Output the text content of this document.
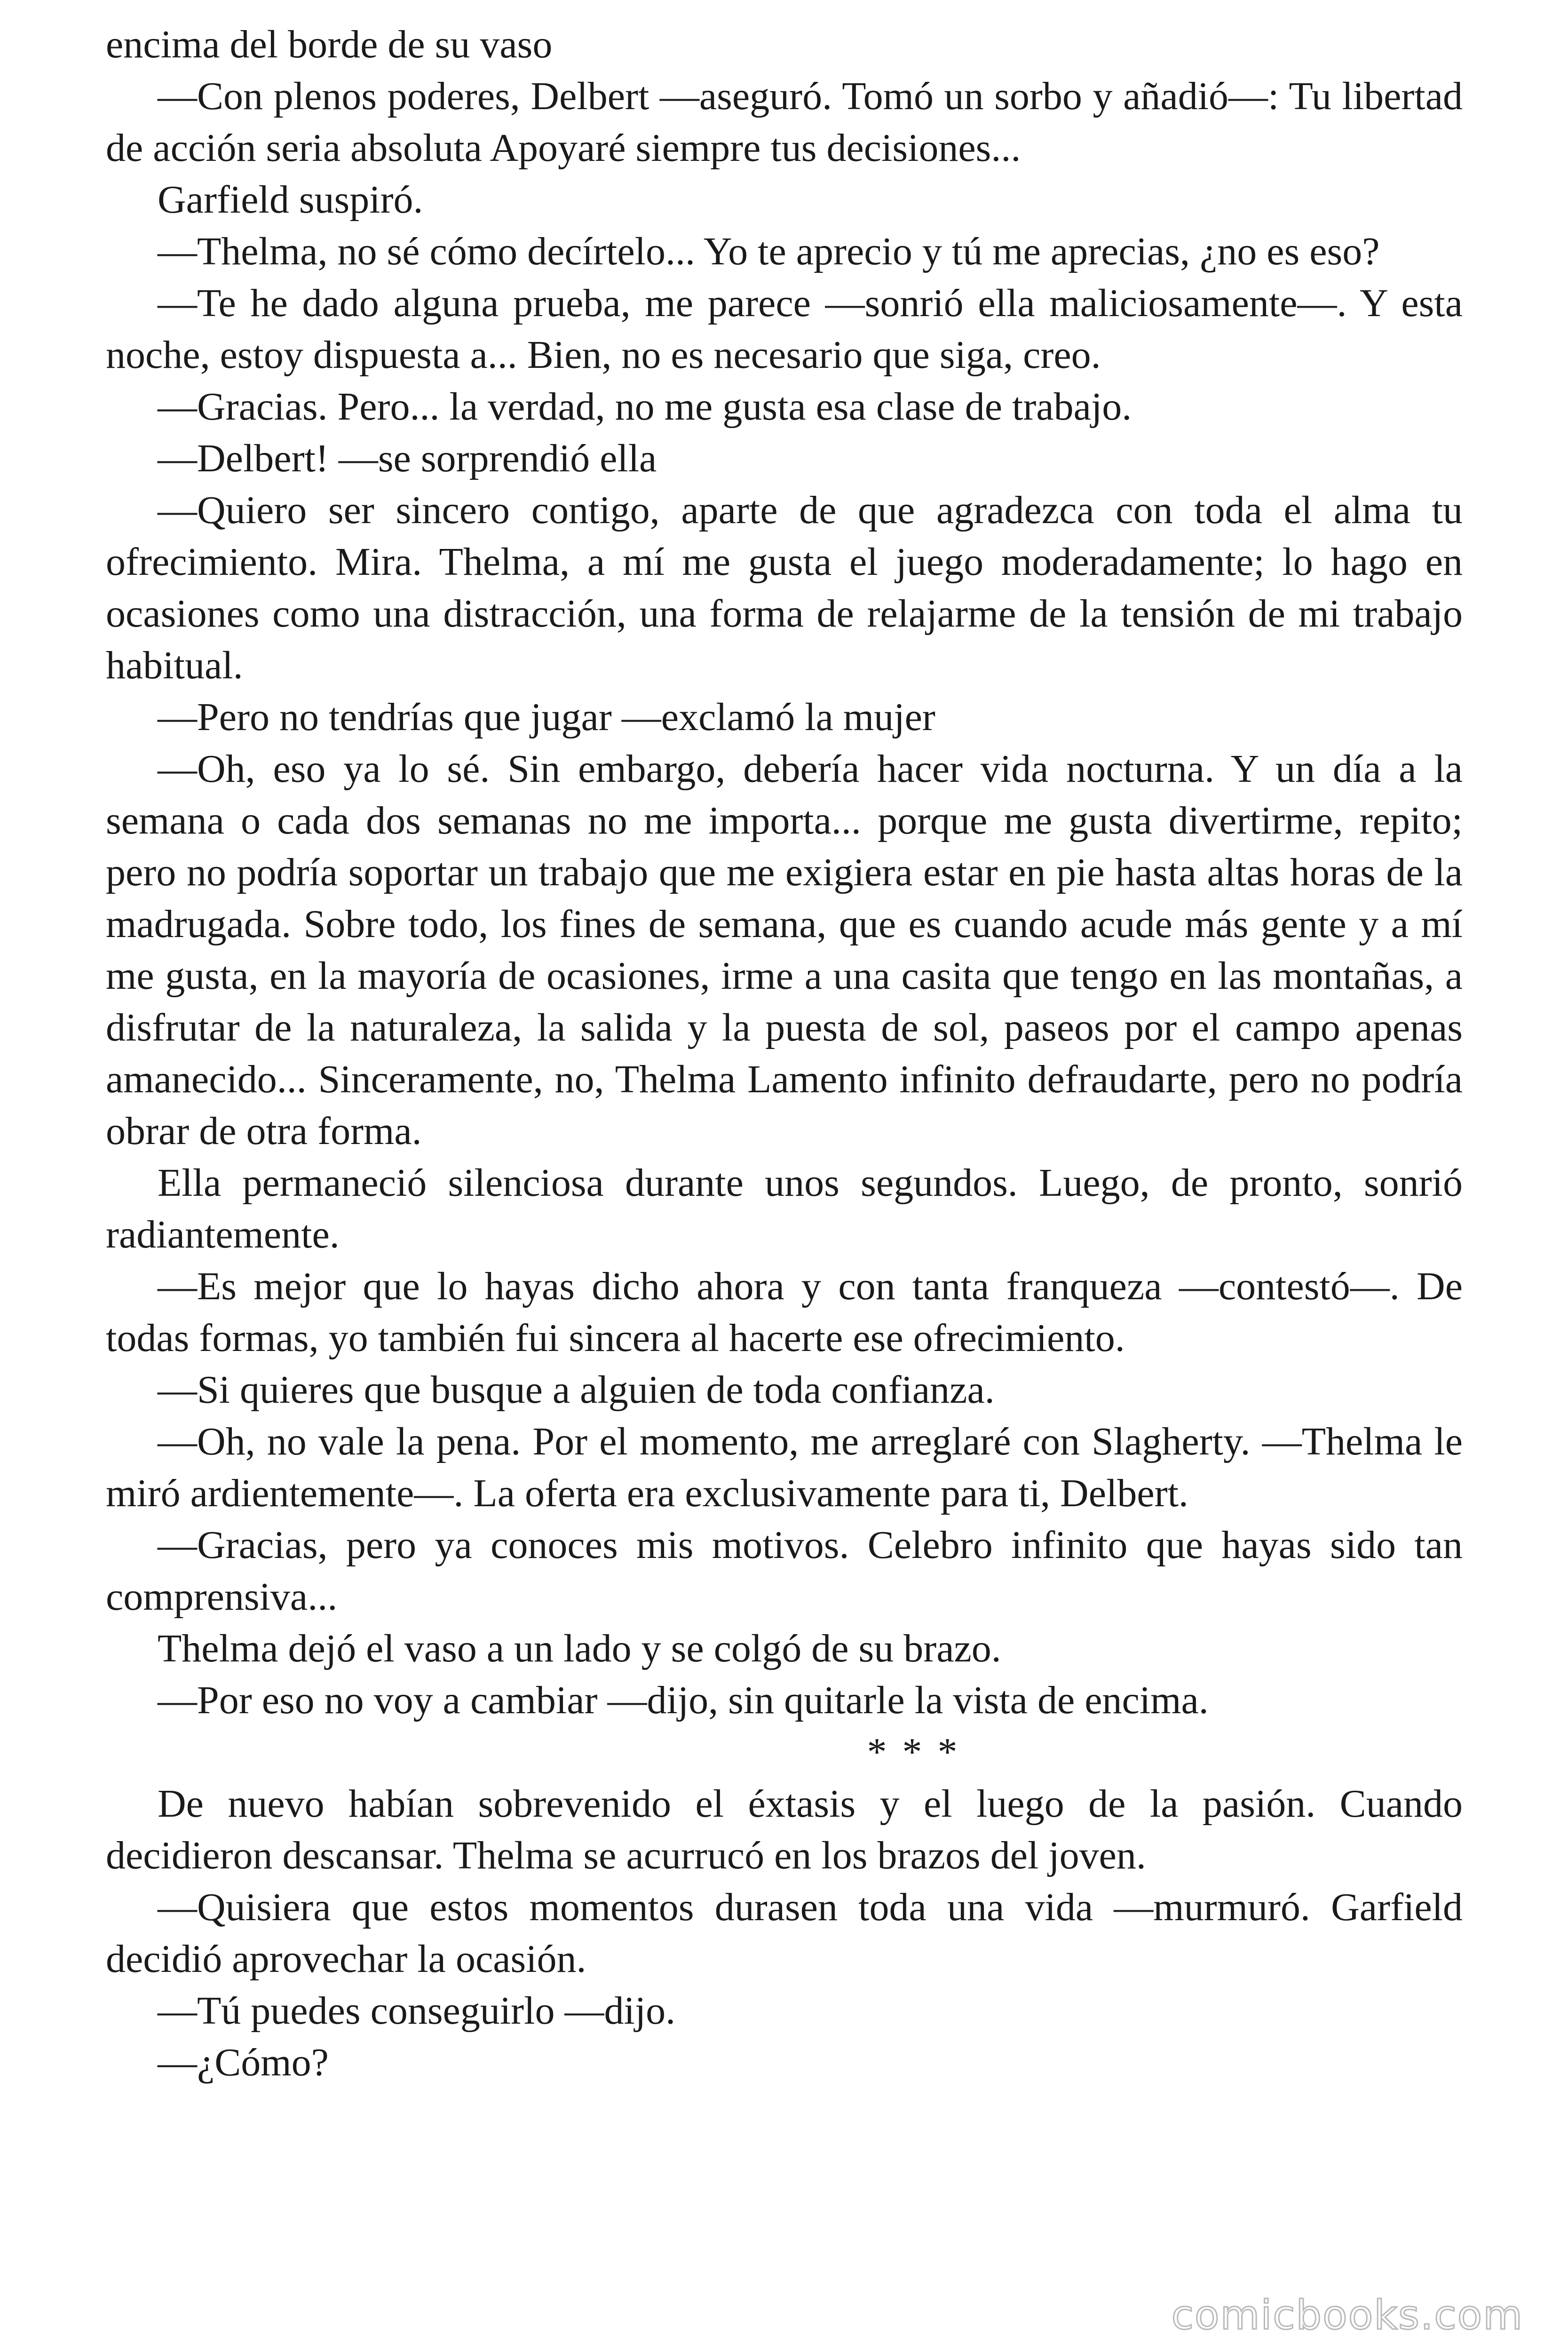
encima del borde de su vaso

—Con plenos poderes, Delbert —aseguró. Tomó un sorbo y añadió—: Tu libertad de acción seria absoluta Apoyaré siempre tus decisiones...

Garfield suspiró.

—Thelma, no sé cómo decírtelo... Yo te aprecio y tú me aprecias, ¿no es eso?

—Te he dado alguna prueba, me parece —sonrió ella maliciosamente—. Y esta noche, estoy dispuesta a... Bien, no es necesario que siga, creo.

—Gracias. Pero... la verdad, no me gusta esa clase de trabajo.

—Delbert! —se sorprendió ella

—Quiero ser sincero contigo, aparte de que agradezca con toda el alma tu ofrecimiento. Mira. Thelma, a mí me gusta el juego moderadamente; lo hago en ocasiones como una distracción, una forma de relajarme de la tensión de mi trabajo habitual.

—Pero no tendrías que jugar —exclamó la mujer

—Oh, eso ya lo sé. Sin embargo, debería hacer vida nocturna. Y un día a la semana o cada dos semanas no me importa... porque me gusta divertirme, repito; pero no podría soportar un trabajo que me exigiera estar en pie hasta altas horas de la madrugada. Sobre todo, los fines de semana, que es cuando acude más gente y a mí me gusta, en la mayoría de ocasiones, irme a una casita que tengo en las montañas, a disfrutar de la naturaleza, la salida y la puesta de sol, paseos por el campo apenas amanecido... Sinceramente, no, Thelma Lamento infinito defraudarte, pero no podría obrar de otra forma.

Ella permaneció silenciosa durante unos segundos. Luego, de pronto, sonrió radiantemente.

—Es mejor que lo hayas dicho ahora y con tanta franqueza —contestó—. De todas formas, yo también fui sincera al hacerte ese ofrecimiento.

—Si quieres que busque a alguien de toda confianza.

—Oh, no vale la pena. Por el momento, me arreglaré con Slagherty. —Thelma le miró ardientemente—. La oferta era exclusivamente para ti, Delbert.

—Gracias, pero ya conoces mis motivos. Celebro infinito que hayas sido tan comprensiva...

Thelma dejó el vaso a un lado y se colgó de su brazo.

—Por eso no voy a cambiar —dijo, sin quitarle la vista de encima.

* * *

De nuevo habían sobrevenido el éxtasis y el luego de la pasión. Cuando decidieron descansar. Thelma se acurrucó en los brazos del joven.

—Quisiera que estos momentos durasen toda una vida —murmuró. Garfield decidió aprovechar la ocasión.

—Tú puedes conseguirlo —dijo.

—¿Cómo?

comicbooks.com
